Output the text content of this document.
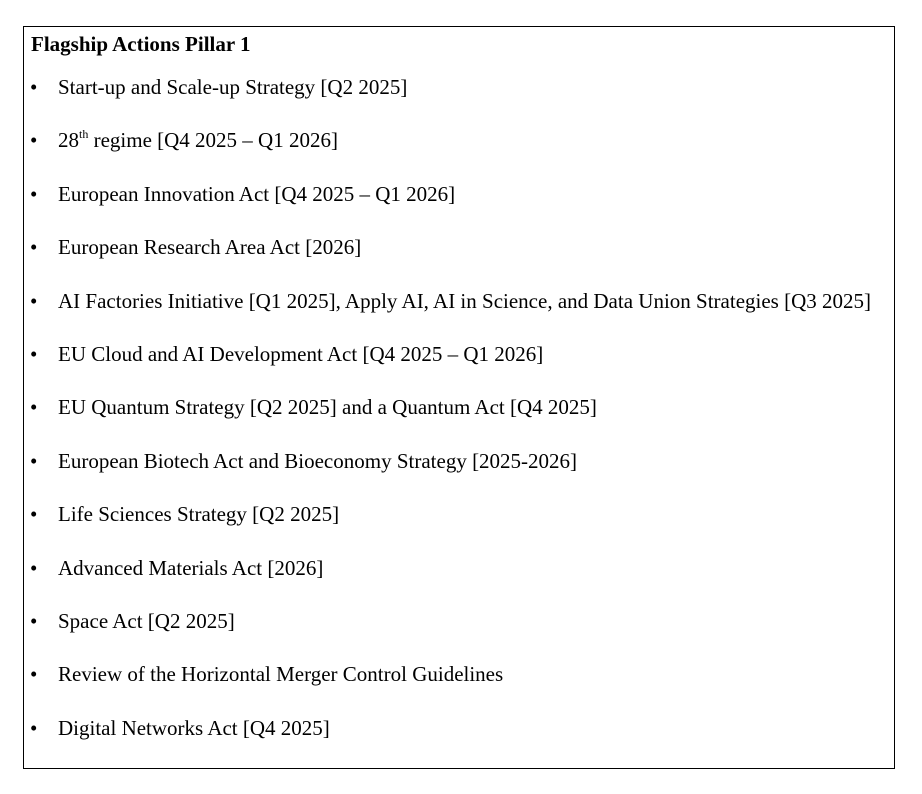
Flagship Actions Pillar 1
• Start-up and Scale-up Strategy [Q2 2025]
• 28th regime [Q4 2025 – Q1 2026]
• European Innovation Act [Q4 2025 – Q1 2026]
• European Research Area Act [2026]
• AI Factories Initiative [Q1 2025], Apply AI, AI in Science, and Data Union Strategies [Q3 2025]
• EU Cloud and AI Development Act [Q4 2025 – Q1 2026]
• EU Quantum Strategy [Q2 2025] and a Quantum Act [Q4 2025]
• European Biotech Act and Bioeconomy Strategy [2025-2026]
• Life Sciences Strategy [Q2 2025]
• Advanced Materials Act [2026]
• Space Act [Q2 2025]
• Review of the Horizontal Merger Control Guidelines
• Digital Networks Act [Q4 2025]
